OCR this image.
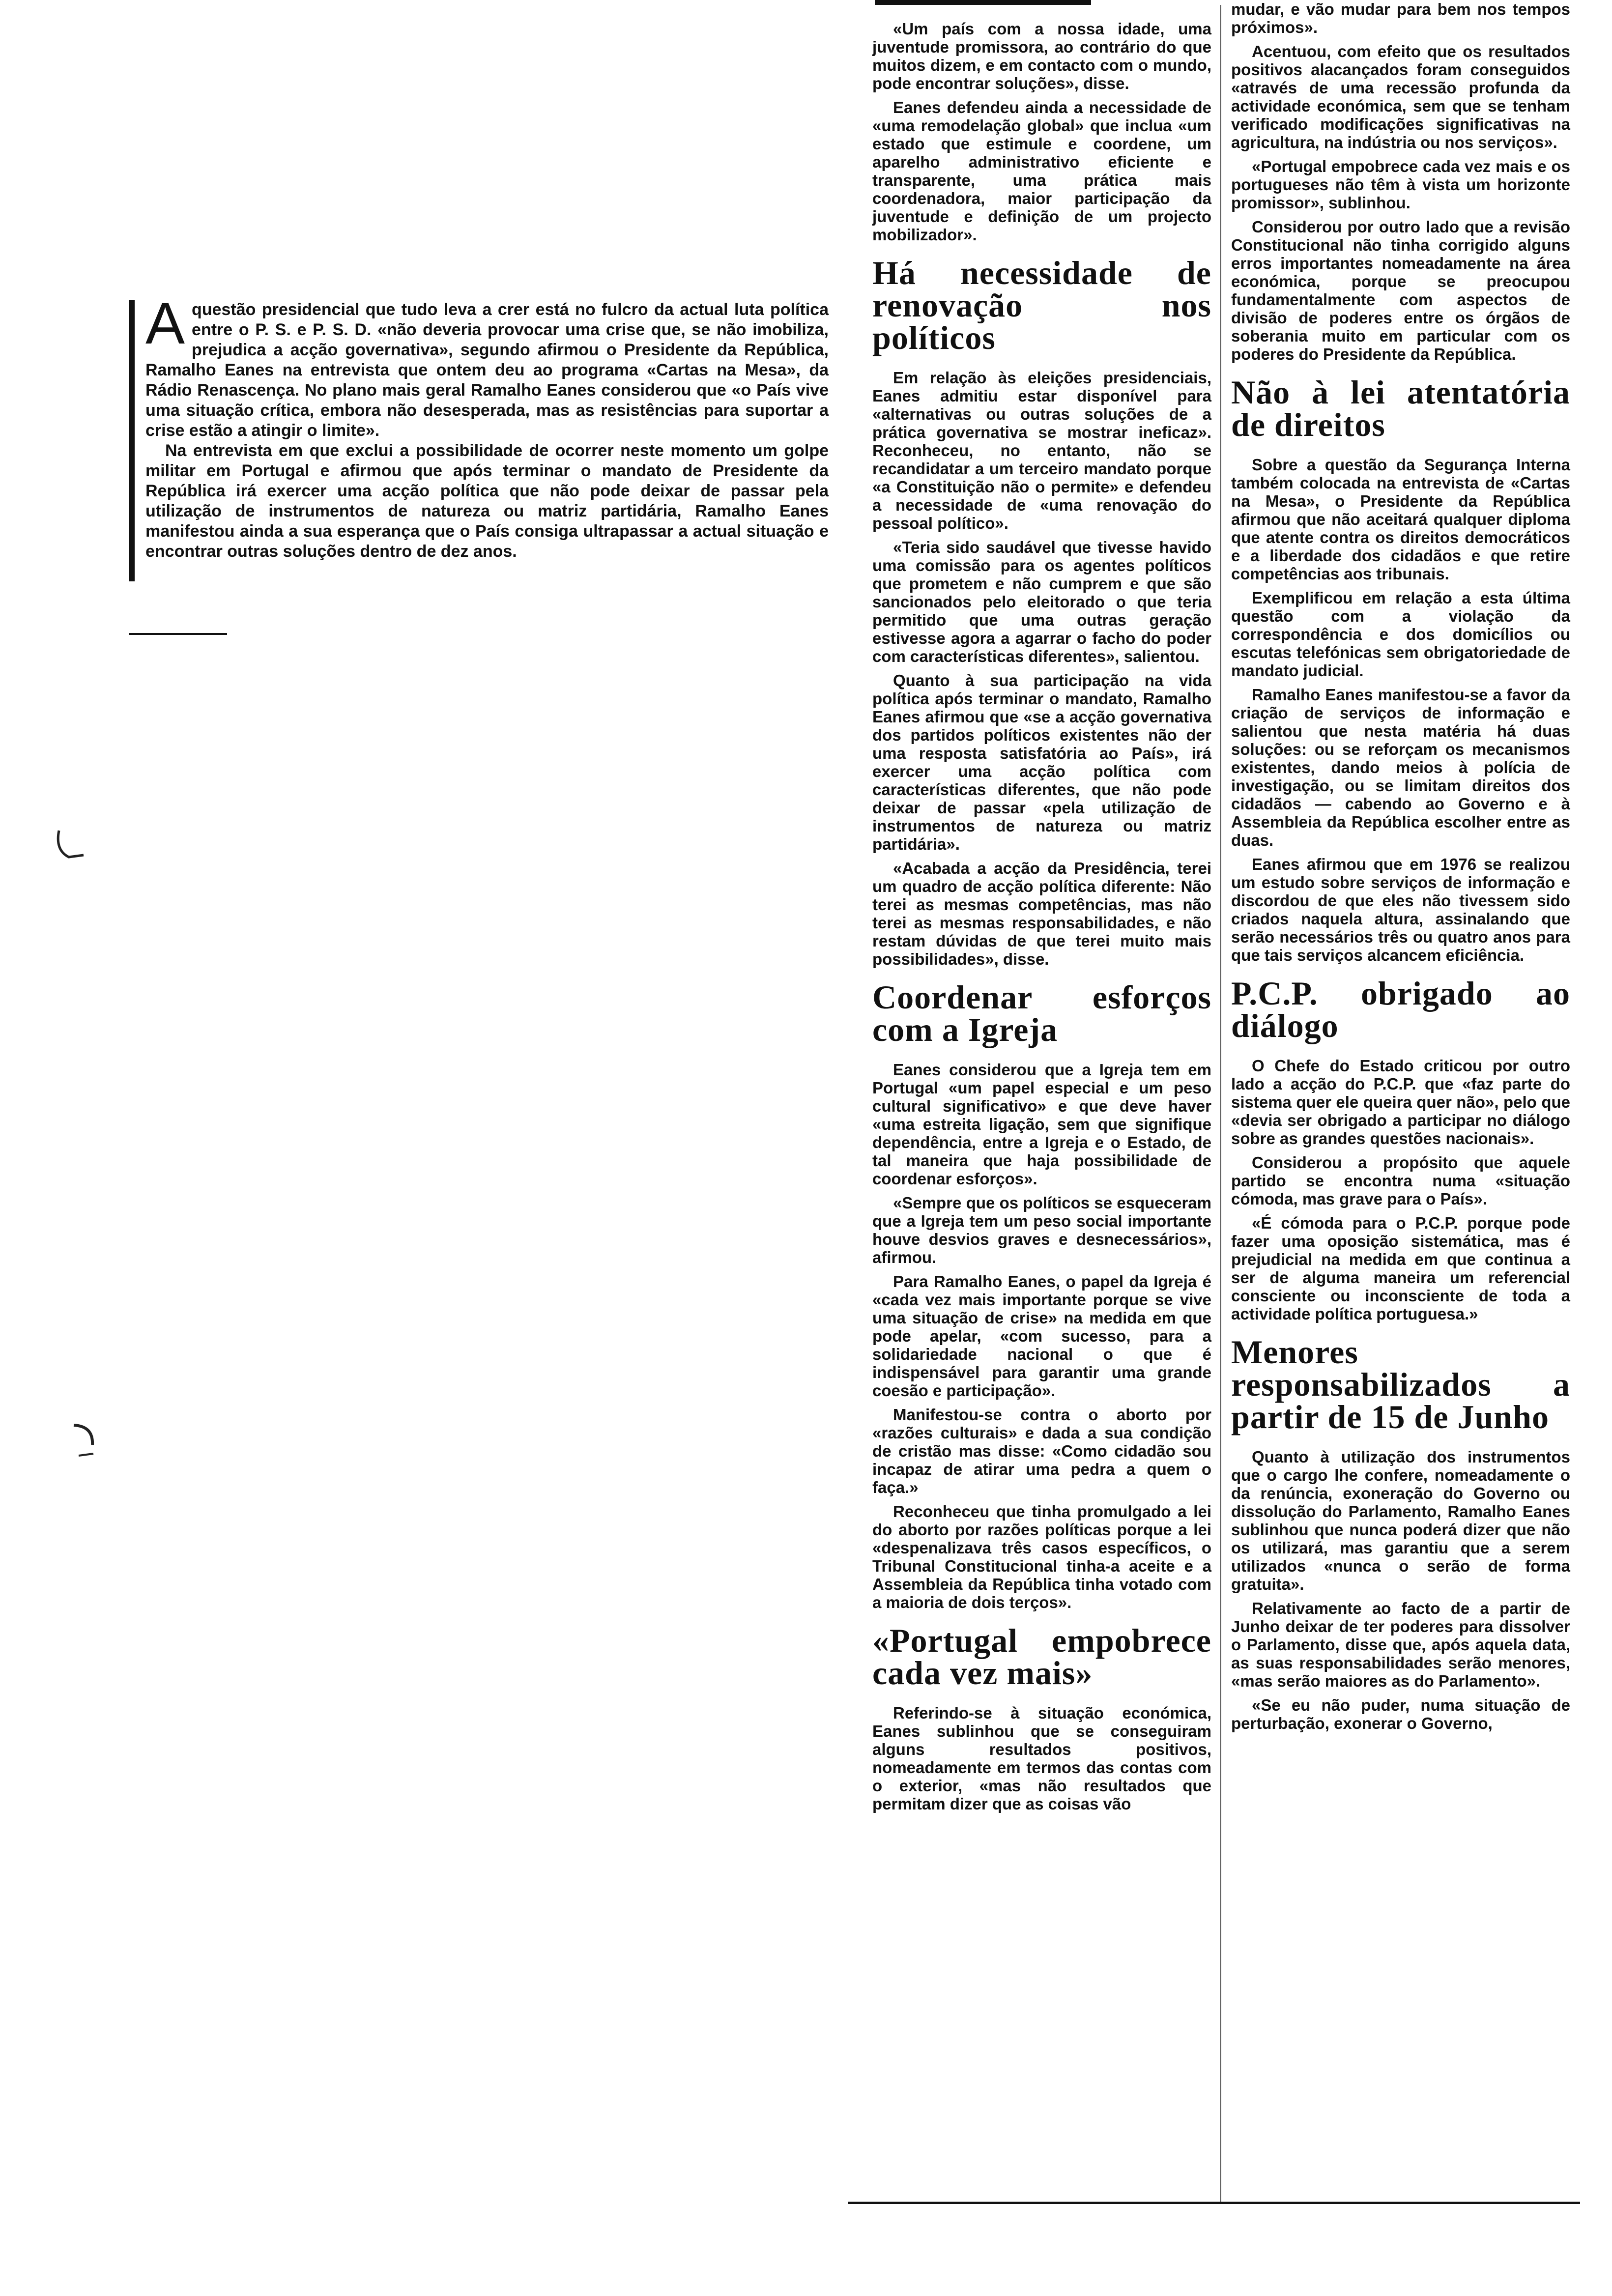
Aquestão presidencial que tudo leva a crer está no fulcro da actual luta política entre o P. S. e P. S. D. «não deveria provocar uma crise que, se não imobiliza, prejudica a acção governativa», segundo afirmou o Presidente da República, Ramalho Eanes na entrevista que ontem deu ao programa «Cartas na Mesa», da Rádio Renascença. No plano mais geral Ramalho Eanes considerou que «o País vive uma situação crítica, embora não desesperada, mas as resistências para suportar a crise estão a atingir o limite».

Na entrevista em que exclui a possibilidade de ocorrer neste momento um golpe militar em Portugal e afirmou que após terminar o mandato de Presidente da República irá exercer uma acção política que não pode deixar de passar pela utilização de instrumentos de natureza ou matriz partidária, Ramalho Eanes manifestou ainda a sua esperança que o País consiga ultrapassar a actual situação e encontrar outras soluções dentro de dez anos.

«Um país com a nossa idade, uma juventude promissora, ao contrário do que muitos dizem, e em contacto com o mundo, pode encontrar soluções», disse.

Eanes defendeu ainda a necessidade de «uma remodelação global» que inclua «um estado que estimule e coordene, um aparelho administrativo eficiente e transparente, uma prática mais coordenadora, maior participação da juventude e definição de um projecto mobilizador».

Há necessidade de renovação nos políticos

Em relação às eleições presidenciais, Eanes admitiu estar disponível para «alternativas ou outras soluções de a prática governativa se mostrar ineficaz». Reconheceu, no entanto, não se recandidatar a um terceiro mandato porque «a Constituição não o permite» e defendeu a necessidade de «uma renovação do pessoal político».

«Teria sido saudável que tivesse havido uma comissão para os agentes políticos que prometem e não cumprem e que são sancionados pelo eleitorado o que teria permitido que uma outras geração estivesse agora a agarrar o facho do poder com características diferentes», salientou.

Quanto à sua participação na vida política após terminar o mandato, Ramalho Eanes afirmou que «se a acção governativa dos partidos políticos existentes não der uma resposta satisfatória ao País», irá exercer uma acção política com características diferentes, que não pode deixar de passar «pela utilização de instrumentos de natureza ou matriz partidária».

«Acabada a acção da Presidência, terei um quadro de acção política diferente: Não terei as mesmas competências, mas não terei as mesmas responsabilidades, e não restam dúvidas de que terei muito mais possibilidades», disse.

Coordenar esforços com a Igreja

Eanes considerou que a Igreja tem em Portugal «um papel especial e um peso cultural significativo» e que deve haver «uma estreita ligação, sem que signifique dependência, entre a Igreja e o Estado, de tal maneira que haja possibilidade de coordenar esforços».

«Sempre que os políticos se esqueceram que a Igreja tem um peso social importante houve desvios graves e desnecessários», afirmou.

Para Ramalho Eanes, o papel da Igreja é «cada vez mais importante porque se vive uma situação de crise» na medida em que pode apelar, «com sucesso, para a solidariedade nacional o que é indispensável para garantir uma grande coesão e participação».

Manifestou-se contra o aborto por «razões culturais» e dada a sua condição de cristão mas disse: «Como cidadão sou incapaz de atirar uma pedra a quem o faça.»

Reconheceu que tinha promulgado a lei do aborto por razões políticas porque a lei «despenalizava três casos específicos, o Tribunal Constitucional tinha-a aceite e a Assembleia da República tinha votado com a maioria de dois terços».

«Portugal empobrece cada vez mais»

Referindo-se à situação económica, Eanes sublinhou que se conseguiram alguns resultados positivos, nomeadamente em termos das contas com o exterior, «mas não resultados que permitam dizer que as coisas vão

mudar, e vão mudar para bem nos tempos próximos».

Acentuou, com efeito que os resultados positivos alacançados foram conseguidos «através de uma recessão profunda da actividade económica, sem que se tenham verificado modificações significativas na agricultura, na indústria ou nos serviços».

«Portugal empobrece cada vez mais e os portugueses não têm à vista um horizonte promissor», sublinhou.

Considerou por outro lado que a revisão Constitucional não tinha corrigido alguns erros importantes nomeadamente na área económica, porque se preocupou fundamentalmente com aspectos de divisão de poderes entre os órgãos de soberania muito em particular com os poderes do Presidente da República.

Não à lei atentatória de direitos

Sobre a questão da Segurança Interna também colocada na entrevista de «Cartas na Mesa», o Presidente da República afirmou que não aceitará qualquer diploma que atente contra os direitos democráticos e a liberdade dos cidadãos e que retire competências aos tribunais.

Exemplificou em relação a esta última questão com a violação da correspondência e dos domicílios ou escutas telefónicas sem obrigatoriedade de mandato judicial.

Ramalho Eanes manifestou-se a favor da criação de serviços de informação e salientou que nesta matéria há duas soluções: ou se reforçam os mecanismos existentes, dando meios à polícia de investigação, ou se limitam direitos dos cidadãos — cabendo ao Governo e à Assembleia da República escolher entre as duas.

Eanes afirmou que em 1976 se realizou um estudo sobre serviços de informação e discordou de que eles não tivessem sido criados naquela altura, assinalando que serão necessários três ou quatro anos para que tais serviços alcancem eficiência.

P.C.P. obrigado ao diálogo

O Chefe do Estado criticou por outro lado a acção do P.C.P. que «faz parte do sistema quer ele queira quer não», pelo que «devia ser obrigado a participar no diálogo sobre as grandes questões nacionais».

Considerou a propósito que aquele partido se encontra numa «situação cómoda, mas grave para o País».

«É cómoda para o P.C.P. porque pode fazer uma oposição sistemática, mas é prejudicial na medida em que continua a ser de alguma maneira um referencial consciente ou inconsciente de toda a actividade política portuguesa.»

Menores responsabilizados a partir de 15 de Junho

Quanto à utilização dos instrumentos que o cargo lhe confere, nomeadamente o da renúncia, exoneração do Governo ou dissolução do Parlamento, Ramalho Eanes sublinhou que nunca poderá dizer que não os utilizará, mas garantiu que a serem utilizados «nunca o serão de forma gratuita».

Relativamente ao facto de a partir de Junho deixar de ter poderes para dissolver o Parlamento, disse que, após aquela data, as suas responsabilidades serão menores, «mas serão maiores as do Parlamento».

«Se eu não puder, numa situação de perturbação, exonerar o Governo,
